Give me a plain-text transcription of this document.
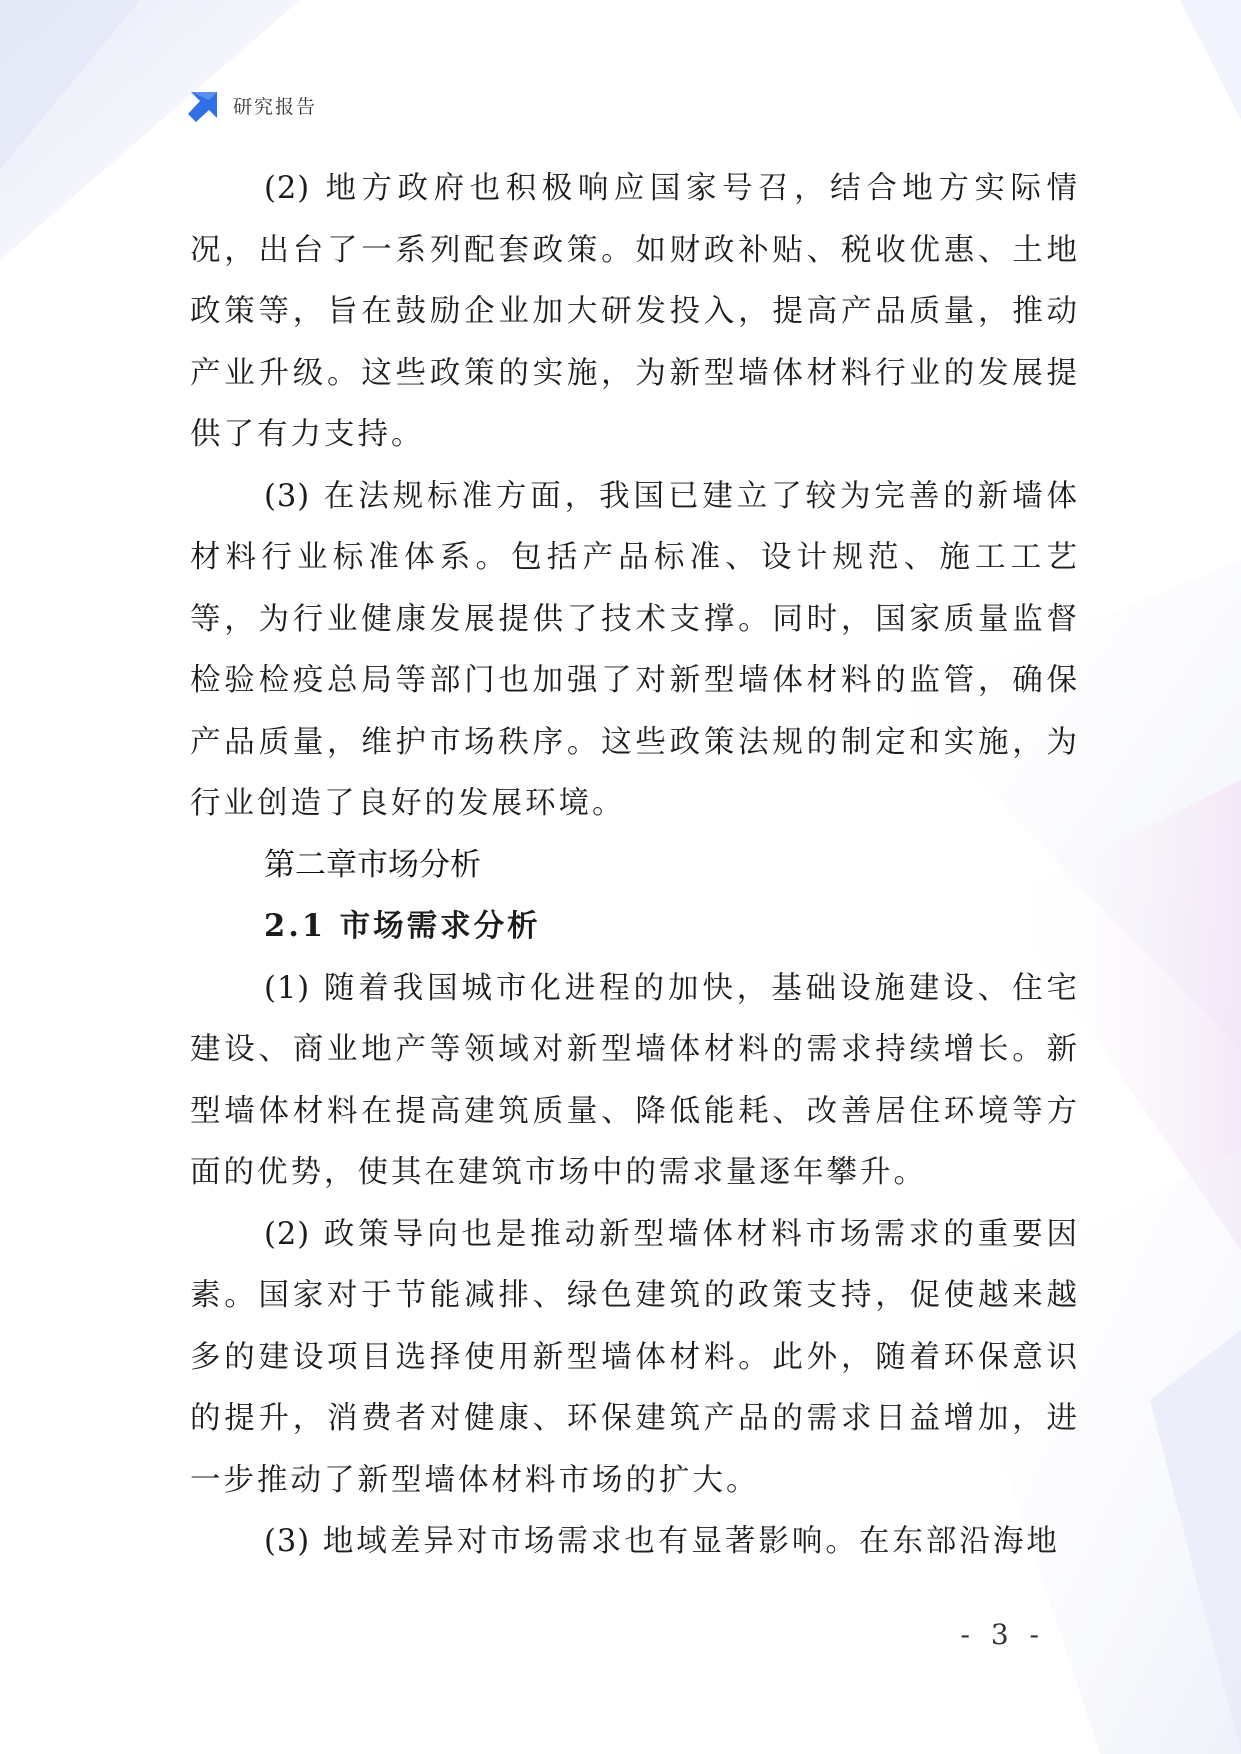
研究报告

(2) 地方政府也积极响应国家号召，结合地方实际情况，出台了一系列配套政策。如财政补贴、税收优惠、土地政策等，旨在鼓励企业加大研发投入，提高产品质量，推动产业升级。这些政策的实施，为新型墙体材料行业的发展提供了有力支持。

(3) 在法规标准方面，我国已建立了较为完善的新墙体材料行业标准体系。包括产品标准、设计规范、施工工艺等，为行业健康发展提供了技术支撑。同时，国家质量监督检验检疫总局等部门也加强了对新型墙体材料的监管，确保产品质量，维护市场秩序。这些政策法规的制定和实施，为行业创造了良好的发展环境。

第二章市场分析
2.1 市场需求分析

(1) 随着我国城市化进程的加快，基础设施建设、住宅建设、商业地产等领域对新型墙体材料的需求持续增长。新型墙体材料在提高建筑质量、降低能耗、改善居住环境等方面的优势，使其在建筑市场中的需求量逐年攀升。

(2) 政策导向也是推动新型墙体材料市场需求的重要因素。国家对于节能减排、绿色建筑的政策支持，促使越来越多的建设项目选择使用新型墙体材料。此外，随着环保意识的提升，消费者对健康、环保建筑产品的需求日益增加，进一步推动了新型墙体材料市场的扩大。

(3) 地域差异对市场需求也有显著影响。在东部沿海地

- 3 -
